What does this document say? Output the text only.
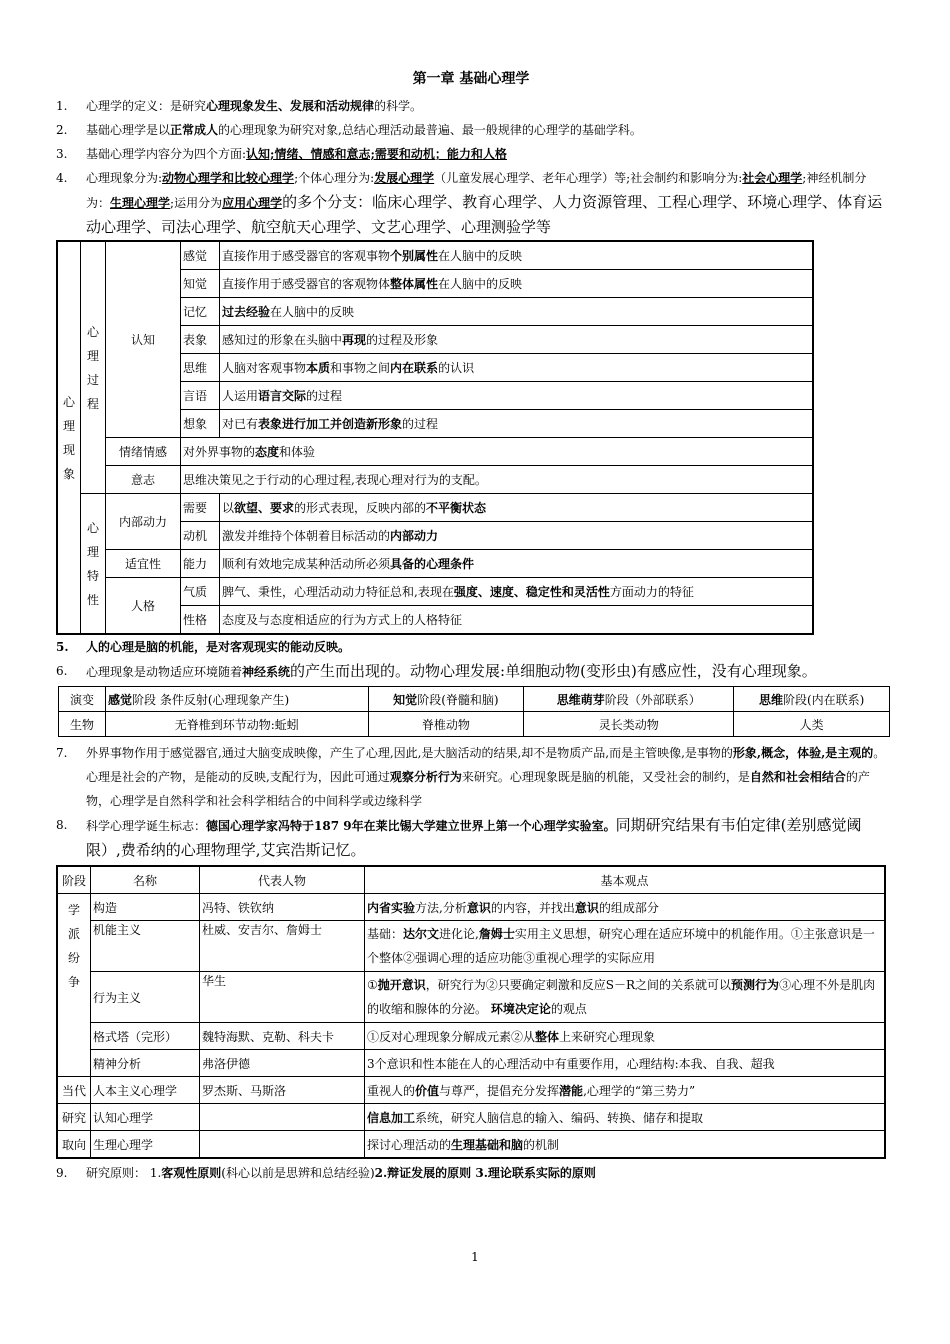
第一章 基础心理学
1. 心理学的定义：是研究心理现象发生、发展和活动规律的科学。
2. 基础心理学是以正常成人的心理现象为研究对象,总结心理活动最普遍、最一般规律的心理学的基础学科。
3. 基础心理学内容分为四个方面:认知;情绪、情感和意志;需要和动机；能力和人格
4. 心理现象分为:动物心理学和比较心理学;个体心理分为:发展心理学（儿童发展心理学、老年心理学）等;社会制约和影响分为:社会心理学;神经机制分为：生理心理学;运用分为应用心理学的多个分支：临床心理学、教育心理学、人力资源管理、工程心理学、环境心理学、体育运动心理学、司法心理学、航空航天心理学、文艺心理学、心理测验学等
心
理
现
象	心
理
过
程	认知	感觉	直接作用于感受器官的客观事物个别属性在人脑中的反映
			知觉	直接作用于感受器官的客观物体整体属性在人脑中的反映
			记忆	过去经验在人脑中的反映
			表象	感知过的形象在头脑中再现的过程及形象
			思维	人脑对客观事物本质和事物之间内在联系的认识
			言语	人运用语言交际的过程
			想象	对已有表象进行加工并创造新形象的过程
		情绪情感	对外界事物的态度和体验	
		意志	思维决策见之于行动的心理过程,表现心理对行为的支配。	
	心
理
特
性	内部动力	需要	以欲望、要求的形式表现，反映内部的不平衡状态
			动机	激发并维持个体朝着目标活动的内部动力
		适宜性	能力	顺利有效地完成某种活动所必须具备的心理条件
		人格	气质	脾气、秉性，心理活动动力特征总和,表现在强度、速度、稳定性和灵活性方面动力的特征
			性格	态度及与态度相适应的行为方式上的人格特征
5. 人的心理是脑的机能，是对客观现实的能动反映。
6. 心理现象是动物适应环境随着神经系统的产生而出现的。动物心理发展:单细胞动物(变形虫)有感应性，没有心理现象。
演变	感觉阶段 条件反射(心理现象产生)	知觉阶段(脊髓和脑)	思维萌芽阶段（外部联系）	思维阶段(内在联系)
生物	无脊椎到环节动物:蚯蚓	脊椎动物	灵长类动物	人类
7. 外界事物作用于感觉器官,通过大脑变成映像，产生了心理,因此,是大脑活动的结果,却不是物质产品,而是主管映像,是事物的形象,概念，体验,是主观的。心理是社会的产物，是能动的反映,支配行为，因此可通过观察分析行为来研究。心理现象既是脑的机能，又受社会的制约，是自然和社会相结合的产物，心理学是自然科学和社会科学相结合的中间科学或边缘科学
8. 科学心理学诞生标志：德国心理学家冯特于187 9年在莱比锡大学建立世界上第一个心理学实验室。同期研究结果有韦伯定律(差别感觉阈限）,费希纳的心理物理学,艾宾浩斯记忆。
阶段	名称	代表人物	基本观点
学
派
纷
争	构造	冯特、铁钦纳	内省实验方法,分析意识的内容，并找出意识的组成部分
	机能主义	杜威、安吉尔、詹姆士	基础：达尔文进化论,詹姆士实用主义思想，研究心理在适应环境中的机能作用。①主张意识是一个整体②强调心理的适应功能③重视心理学的实际应用
	行为主义	华生	①抛开意识，研究行为②只要确定刺激和反应S－R之间的关系就可以预测行为③心理不外是肌肉的收缩和腺体的分泌。 环境决定论的观点
	格式塔（完形）	魏特海默、克勒、科夫卡	①反对心理现象分解成元素②从整体上来研究心理现象
	精神分析	弗洛伊德	3个意识和性本能在人的心理活动中有重要作用，心理结构:本我、自我、超我
当代	人本主义心理学	罗杰斯、马斯洛	重视人的价值与尊严，提倡充分发挥潜能,心理学的“第三势力”
研究	认知心理学		信息加工系统，研究人脑信息的输入、编码、转换、储存和提取
取向	生理心理学		探讨心理活动的生理基础和脑的机制
9. 研究原则： 1.客观性原则(科心以前是思辨和总结经验)2.辩证发展的原则 3.理论联系实际的原则
1
